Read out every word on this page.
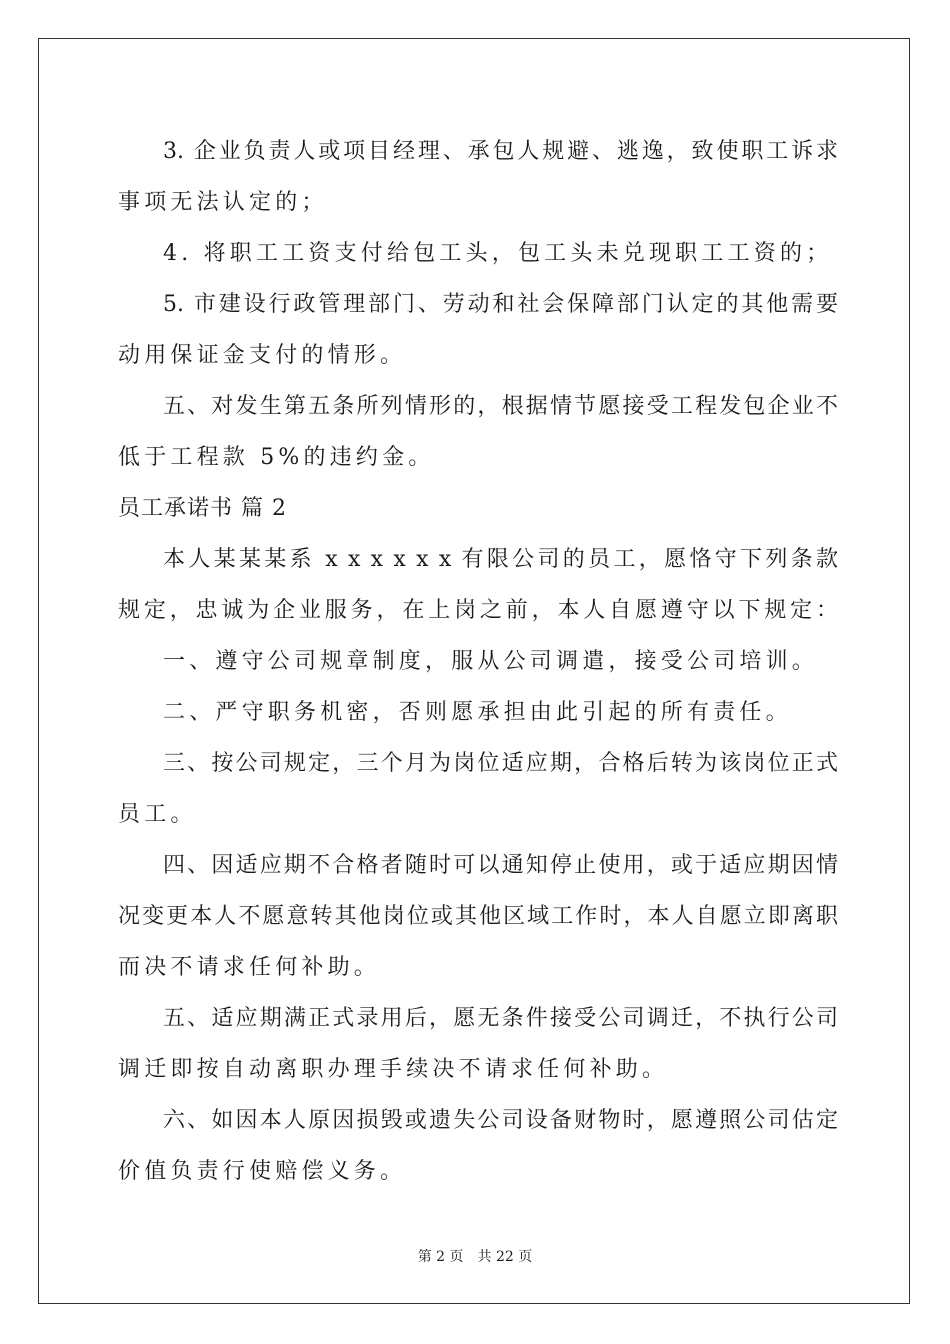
3. 企业负责人或项目经理、承包人规避、逃逸，致使职工诉求
事项无法认定的；
4. 将职工工资支付给包工头，包工头未兑现职工工资的；
5. 市建设行政管理部门、劳动和社会保障部门认定的其他需要
动用保证金支付的情形。
五、对发生第五条所列情形的，根据情节愿接受工程发包企业不
低于工程款 5%的违约金。
员工承诺书 篇 2
本人某某某系 x x x x x x 有限公司的员工，愿恪守下列条款
规定，忠诚为企业服务，在上岗之前，本人自愿遵守以下规定：
一、遵守公司规章制度，服从公司调遣，接受公司培训。
二、严守职务机密，否则愿承担由此引起的所有责任。
三、按公司规定，三个月为岗位适应期，合格后转为该岗位正式
员工。
四、因适应期不合格者随时可以通知停止使用，或于适应期因情
况变更本人不愿意转其他岗位或其他区域工作时，本人自愿立即离职
而决不请求任何补助。
五、适应期满正式录用后，愿无条件接受公司调迁，不执行公司
调迁即按自动离职办理手续决不请求任何补助。
六、如因本人原因损毁或遗失公司设备财物时，愿遵照公司估定
价值负责行使赔偿义务。
第 2 页 共 22 页
